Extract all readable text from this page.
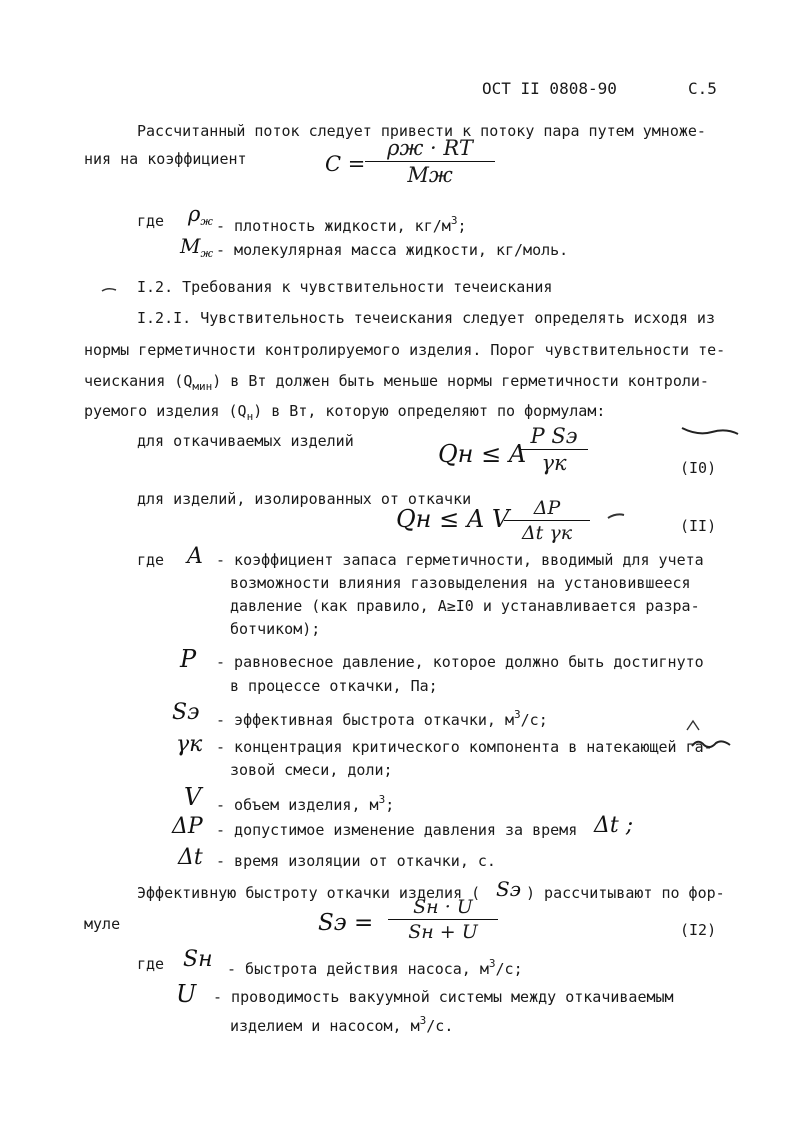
ОСТ II 0808-90	С.5
Рассчитанный поток следует привести к потоку пара путем умноже-
ния на коэффициент	C =
ρж · RT
Mж
где $\rho_ж$ - плотность жидкости, $кг/м^3$;
$M_ж$ - молекулярная масса жидкости, кг/моль.
I.2. Требования к чувствительности течеискания
I.2.I. Чувствительность течеискания следует определять исходя из
нормы герметичности контролируемого изделия. Порог чувствительности те-
чеискания $(Q_{мин})$ в Вт должен быть меньше нормы герметичности контроли-
руемого изделия $(Q_н)$ в Вт, которую определяют по формулам:
для откачиваемых изделий	Qн ≤ A
P Sэ
γк	(I0)
для изделий, изолированных от откачки
Qн ≤ A V	ΔP
Δt γк	(II)
где A - коэффициент запаса герметичности, вводимый для учета
возможности влияния газовыделения на установившееся
давление (как правило, A≥I0 и устанавливается разра-
ботчиком);
P - равновесное давление, которое должно быть достигнуто
в процессе откачки, Па;
Sэ - эффективная быстрота откачки, $м^3/с$;
γк - концентрация критического компонента в натекающей га-
зовой смеси, доли;
V - объем изделия, $м^3$;
ΔP - допустимое изменение давления за время Δt ;
Δt - время изоляции от откачки, с.
Эффективную быстроту откачки изделия ( Sэ ) рассчитывают по фор-
муле	Sэ =
Sн · U
Sн + U	(I2)
где Sн - быстрота действия насоса, $м^3/с$;
U - проводимость вакуумной системы между откачиваемым
изделием и насосом, $м^3/с$.
